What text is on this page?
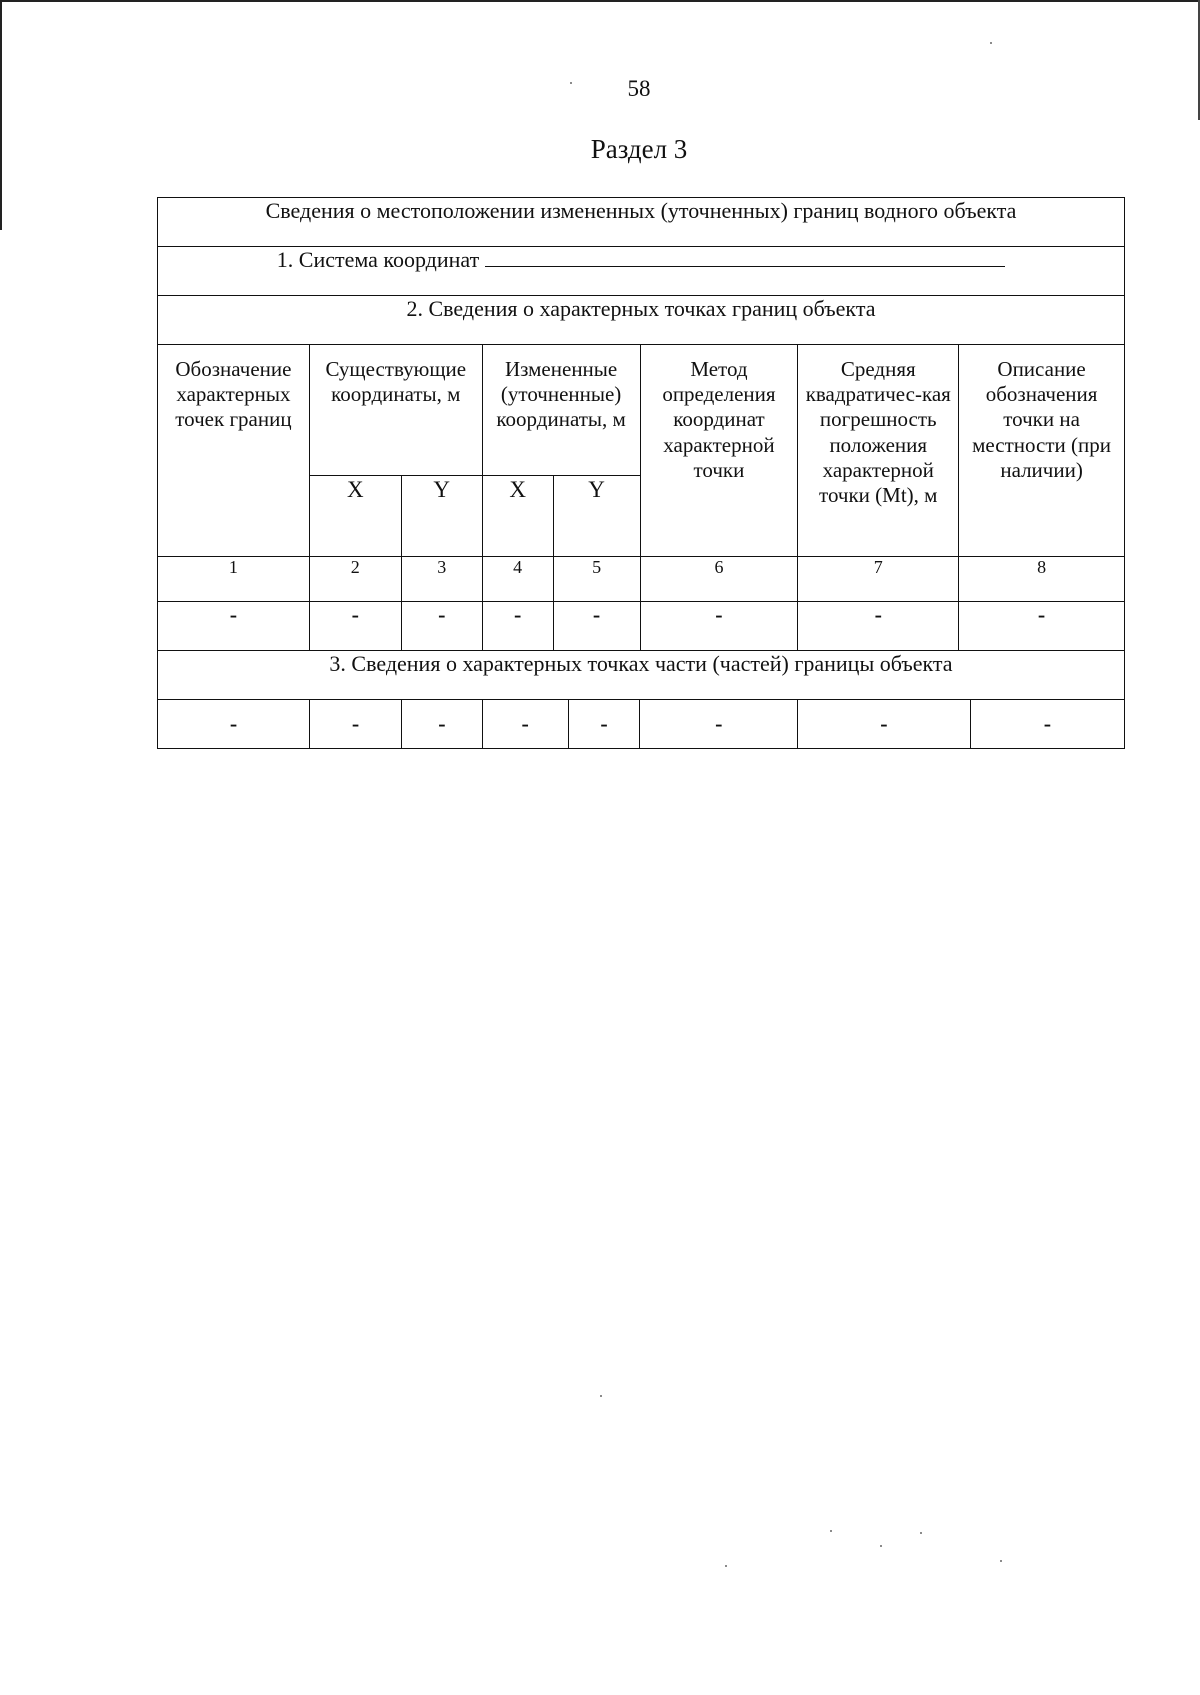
58
Раздел 3
Сведения о местоположении измененных (уточненных) границ водного объекта
1. Система координат
2. Сведения о характерных точках границ объекта
Обозначение характерных точек границ	Существующие координаты, м	Измененные (уточненные) координаты, м	Метод определения координат характерной точки	Средняя квадратичес-кая погрешность положения характерной точки (Mt), м	Описание обозначения точки на местности (при наличии)
X	Y	X	Y
1	2	3	4	5	6	7	8
-	-	-	-	-	-	-	-
3. Сведения о характерных точках части (частей) границы объекта

-	-	-	-	-	-	-	-
